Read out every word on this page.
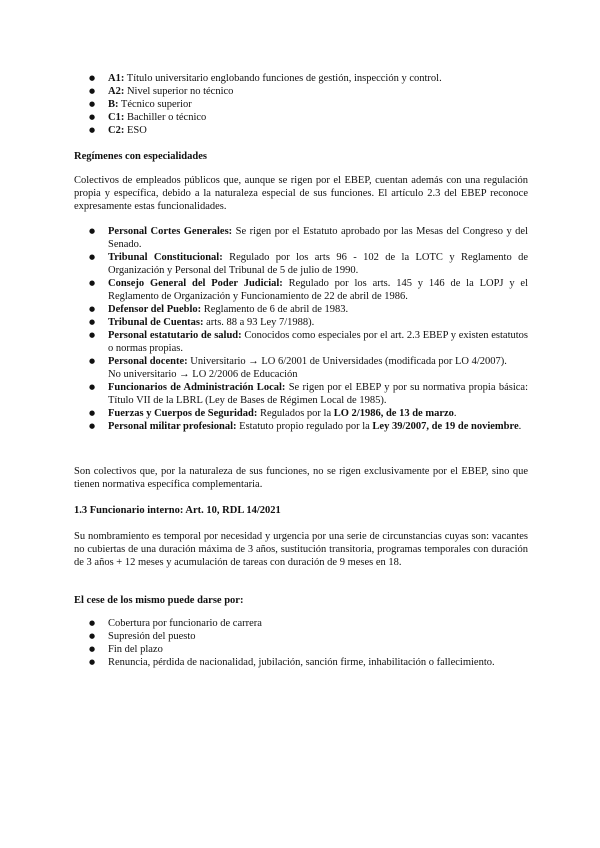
● A1: Título universitario englobando funciones de gestión, inspección y control.
● A2: Nivel superior no técnico
● B: Técnico superior
● C1: Bachiller o técnico
● C2: ESO
Regímenes con especialidades
Colectivos de empleados públicos que, aunque se rigen por el EBEP, cuentan además con una regulación propia y específica, debido a la naturaleza especial de sus funciones. El artículo 2.3 del EBEP reconoce expresamente estas funcionalidades.
● Personal Cortes Generales: Se rigen por el Estatuto aprobado por las Mesas del Congreso y del Senado.
● Tribunal Constitucional: Regulado por los arts 96 - 102 de la LOTC y Reglamento de Organización y Personal del Tribunal de 5 de julio de 1990.
● Consejo General del Poder Judicial: Regulado por los arts. 145 y 146 de la LOPJ y el Reglamento de Organización y Funcionamiento de 22 de abril de 1986.
● Defensor del Pueblo: Reglamento de 6 de abril de 1983.
● Tribunal de Cuentas: arts. 88 a 93 Ley 7/1988).
● Personal estatutario de salud: Conocidos como especiales por el art. 2.3 EBEP y existen estatutos o normas propias.
● Personal docente: Universitario → LO 6/2001 de Universidades (modificada por LO 4/2007).
No universitario → LO 2/2006 de Educación
● Funcionarios de Administración Local: Se rigen por el EBEP y por su normativa propia básica: Título VII de la LBRL (Ley de Bases de Régimen Local de 1985).
● Fuerzas y Cuerpos de Seguridad: Regulados por la LO 2/1986, de 13 de marzo.
● Personal militar profesional: Estatuto propio regulado por la Ley 39/2007, de 19 de noviembre.
Son colectivos que, por la naturaleza de sus funciones, no se rigen exclusivamente por el EBEP, sino que tienen normativa específica complementaria.
1.3 Funcionario interno: Art. 10, RDL 14/2021
Su nombramiento es temporal por necesidad y urgencia por una serie de circunstancias cuyas son: vacantes no cubiertas de una duración máxima de 3 años, sustitución transitoria, programas temporales con duración de 3 años + 12 meses y acumulación de tareas con duración de 9 meses en 18.
El cese de los mismo puede darse por:
● Cobertura por funcionario de carrera
● Supresión del puesto
● Fin del plazo
● Renuncia, pérdida de nacionalidad, jubilación, sanción firme, inhabilitación o fallecimiento.
